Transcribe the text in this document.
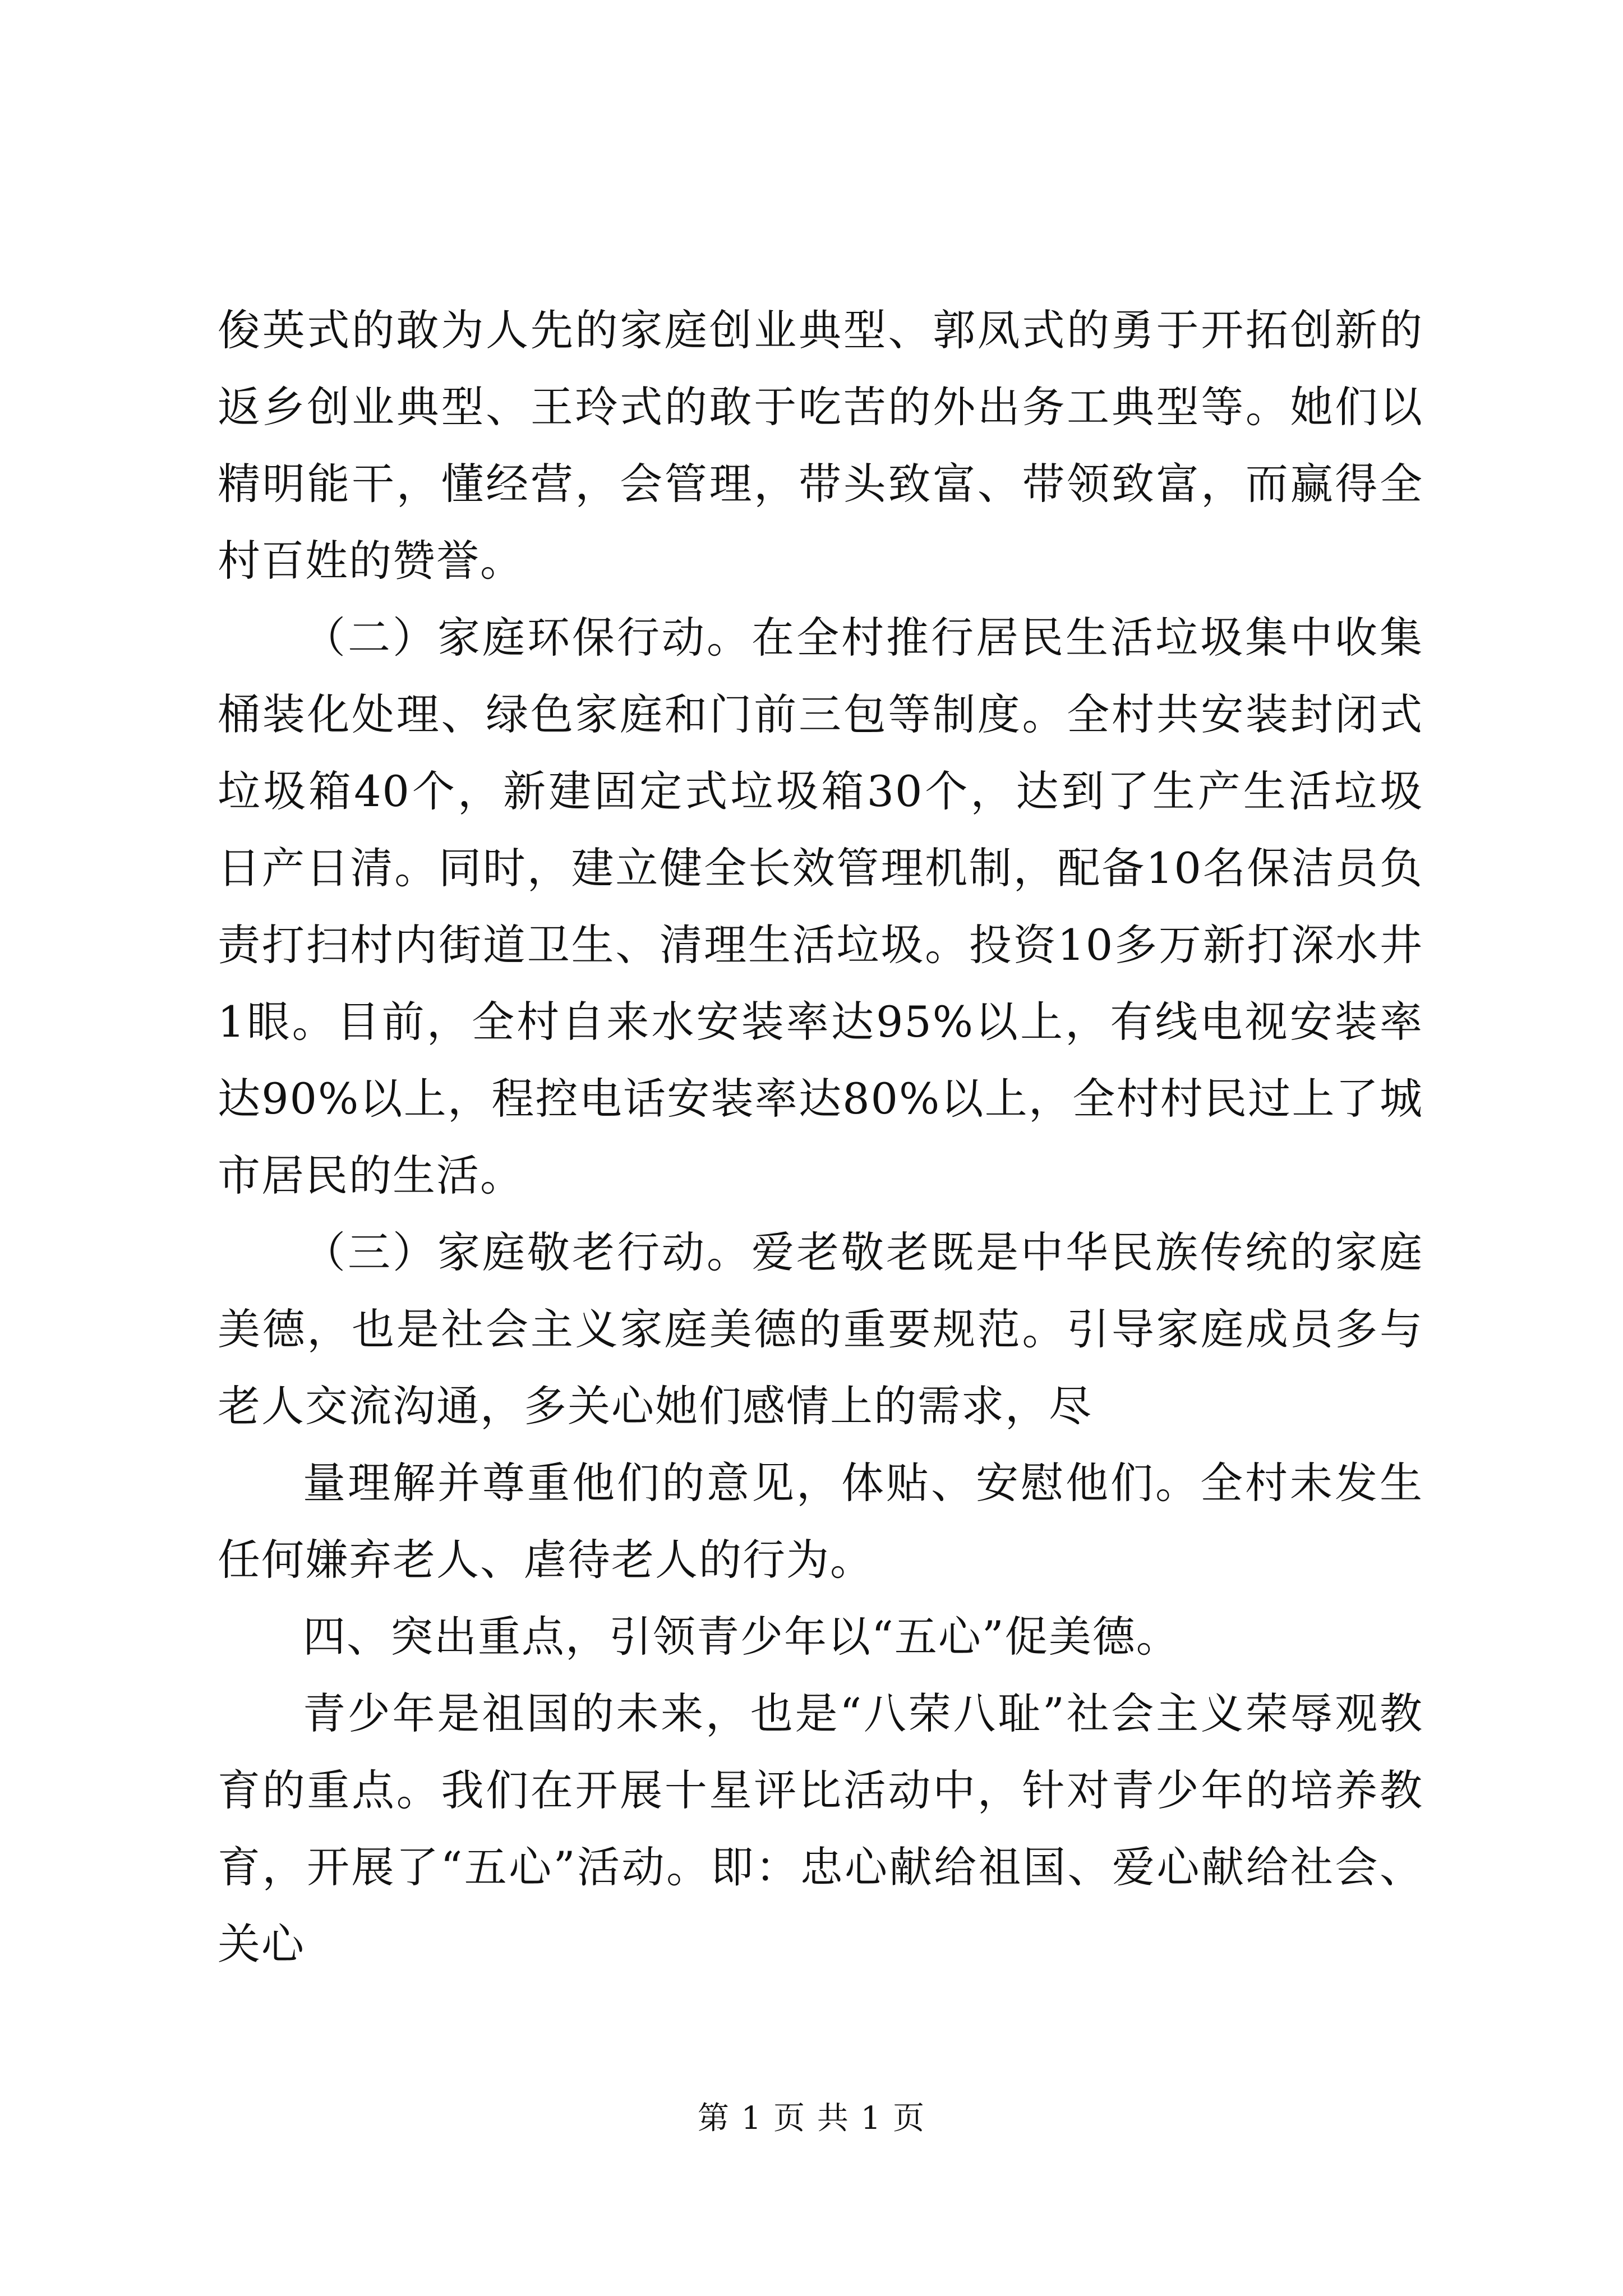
俊英式的敢为人先的家庭创业典型、郭凤式的勇于开拓创新的返乡创业典型、王玲式的敢于吃苦的外出务工典型等。她们以精明能干，懂经营，会管理，带头致富、带领致富，而赢得全村百姓的赞誉。

（二）家庭环保行动。在全村推行居民生活垃圾集中收集桶装化处理、绿色家庭和门前三包等制度。全村共安装封闭式垃圾箱40个，新建固定式垃圾箱30个，达到了生产生活垃圾日产日清。同时，建立健全长效管理机制，配备10名保洁员负责打扫村内街道卫生、清理生活垃圾。投资10多万新打深水井1眼。目前，全村自来水安装率达95%以上，有线电视安装率达90%以上，程控电话安装率达80%以上，全村村民过上了城市居民的生活。

（三）家庭敬老行动。爱老敬老既是中华民族传统的家庭美德，也是社会主义家庭美德的重要规范。引导家庭成员多与老人交流沟通，多关心她们感情上的需求，尽

量理解并尊重他们的意见，体贴、安慰他们。全村未发生任何嫌弃老人、虐待老人的行为。

四、突出重点，引领青少年以“五心”促美德。

青少年是祖国的未来，也是“八荣八耻”社会主义荣辱观教育的重点。我们在开展十星评比活动中，针对青少年的培养教育，开展了“五心”活动。即：忠心献给祖国、爱心献给社会、关心

第 1 页 共 1 页
